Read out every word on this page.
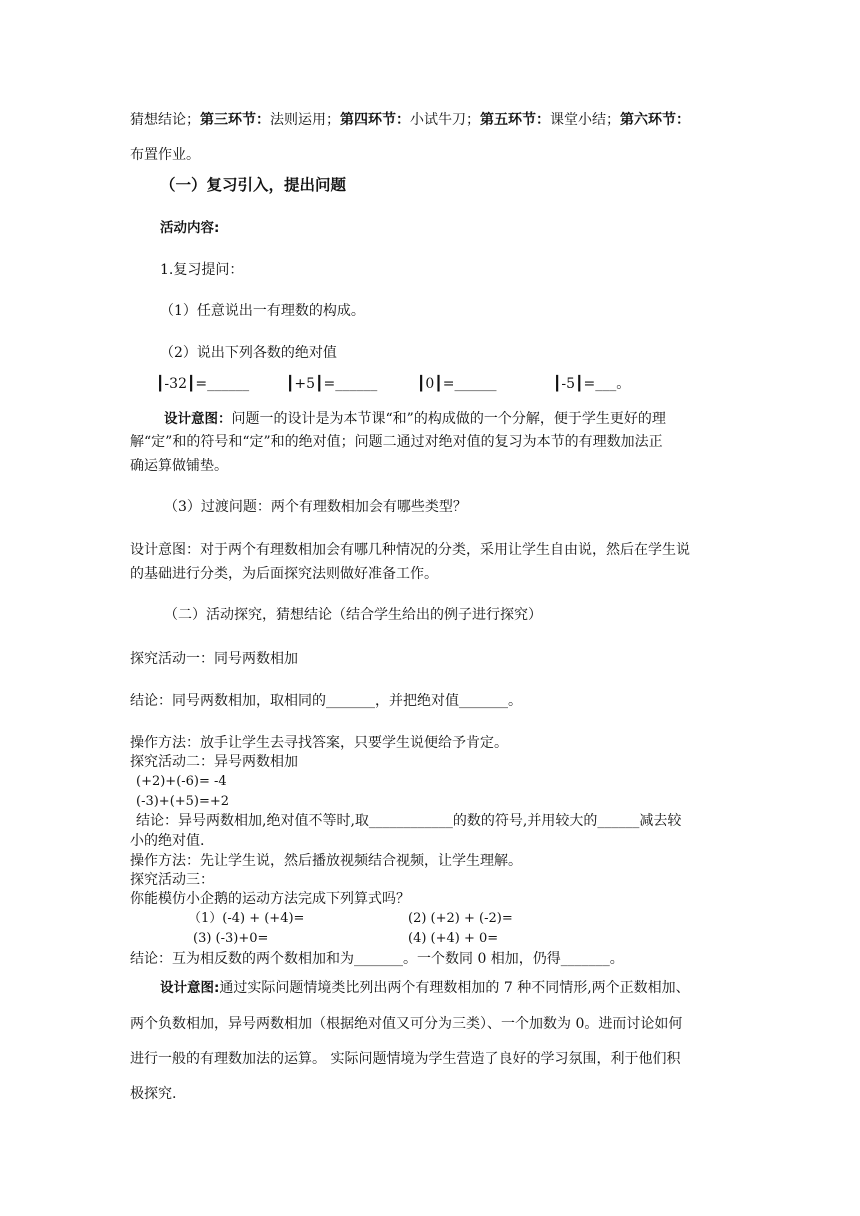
猜想结论；第三环节：法则运用；第四环节：小试牛刀；第五环节：课堂小结；第六环节：
布置作业。
（一）复习引入，提出问题
活动内容:
1.复习提问：
（1）任意说出一有理数的构成。
（2）说出下列各数的绝对值
┃-32┃=______	┃+5┃=______	┃0┃=______	┃-5┃=___。
设计意图：问题一的设计是为本节课“和”的构成做的一个分解，便于学生更好的理
解“定”和的符号和“定”和的绝对值；问题二通过对绝对值的复习为本节的有理数加法正
确运算做铺垫。
（3）过渡问题：两个有理数相加会有哪些类型？
设计意图：对于两个有理数相加会有哪几种情况的分类，采用让学生自由说，然后在学生说
的基础进行分类，为后面探究法则做好准备工作。
（二）活动探究，猜想结论（结合学生给出的例子进行探究）
探究活动一：同号两数相加
结论：同号两数相加，取相同的_______，并把绝对值_______。
操作方法：放手让学生去寻找答案，只要学生说便给予肯定。
探究活动二：异号两数相加
(+2)+(-6)= -4
(-3)+(+5)=+2
结论：异号两数相加,绝对值不等时,取____________的数的符号,并用较大的______减去较
小的绝对值.
操作方法：先让学生说，然后播放视频结合视频，让学生理解。
探究活动三：
你能模仿小企鹅的运动方法完成下列算式吗？
（1）(-4) + (+4)=	(2) (+2) + (-2)=
(3) (-3)+0=	(4) (+4) + 0=
结论：互为相反数的两个数相加和为_______。一个数同 0 相加，仍得_______。
设计意图:通过实际问题情境类比列出两个有理数相加的 7 种不同情形,两个正数相加、
两个负数相加，异号两数相加（根据绝对值又可分为三类）、一个加数为 0。进而讨论如何
进行一般的有理数加法的运算。 实际问题情境为学生营造了良好的学习氛围，利于他们积
极探究.
